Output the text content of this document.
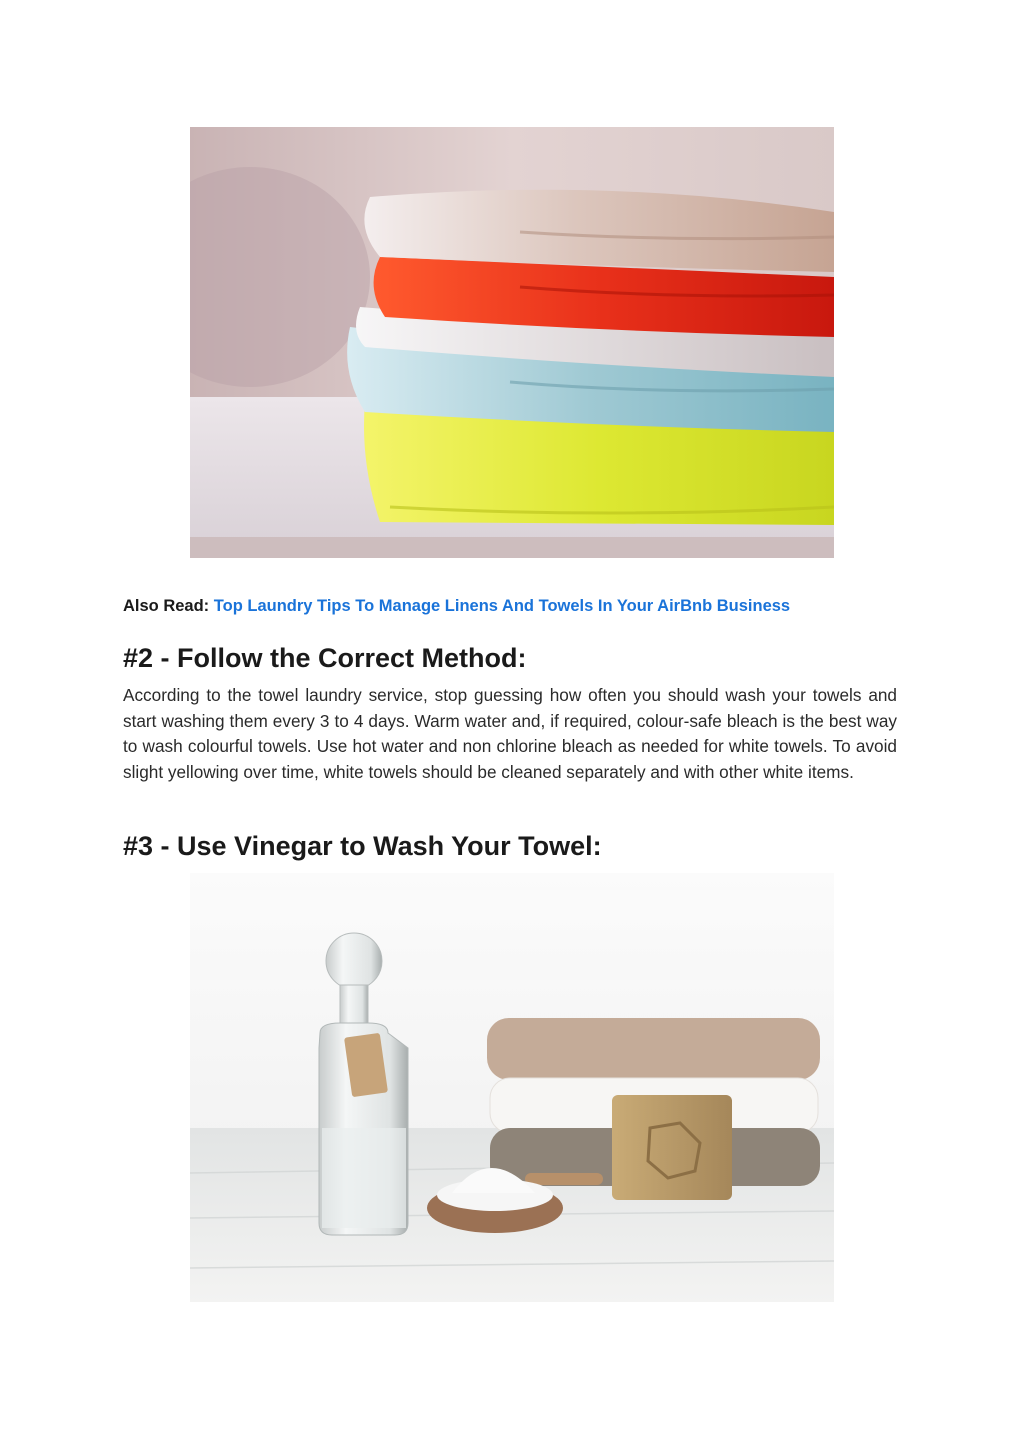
Also Read: Top Laundry Tips To Manage Linens And Towels In Your AirBnb Business
#2 - Follow the Correct Method:

According to the towel laundry service, stop guessing how often you should wash your towels and start washing them every 3 to 4 days. Warm water and, if required, colour-safe bleach is the best way to wash colourful towels. Use hot water and non chlorine bleach as needed for white towels. To avoid slight yellowing over time, white towels should be cleaned separately and with other white items.

#3 - Use Vinegar to Wash Your Towel:
